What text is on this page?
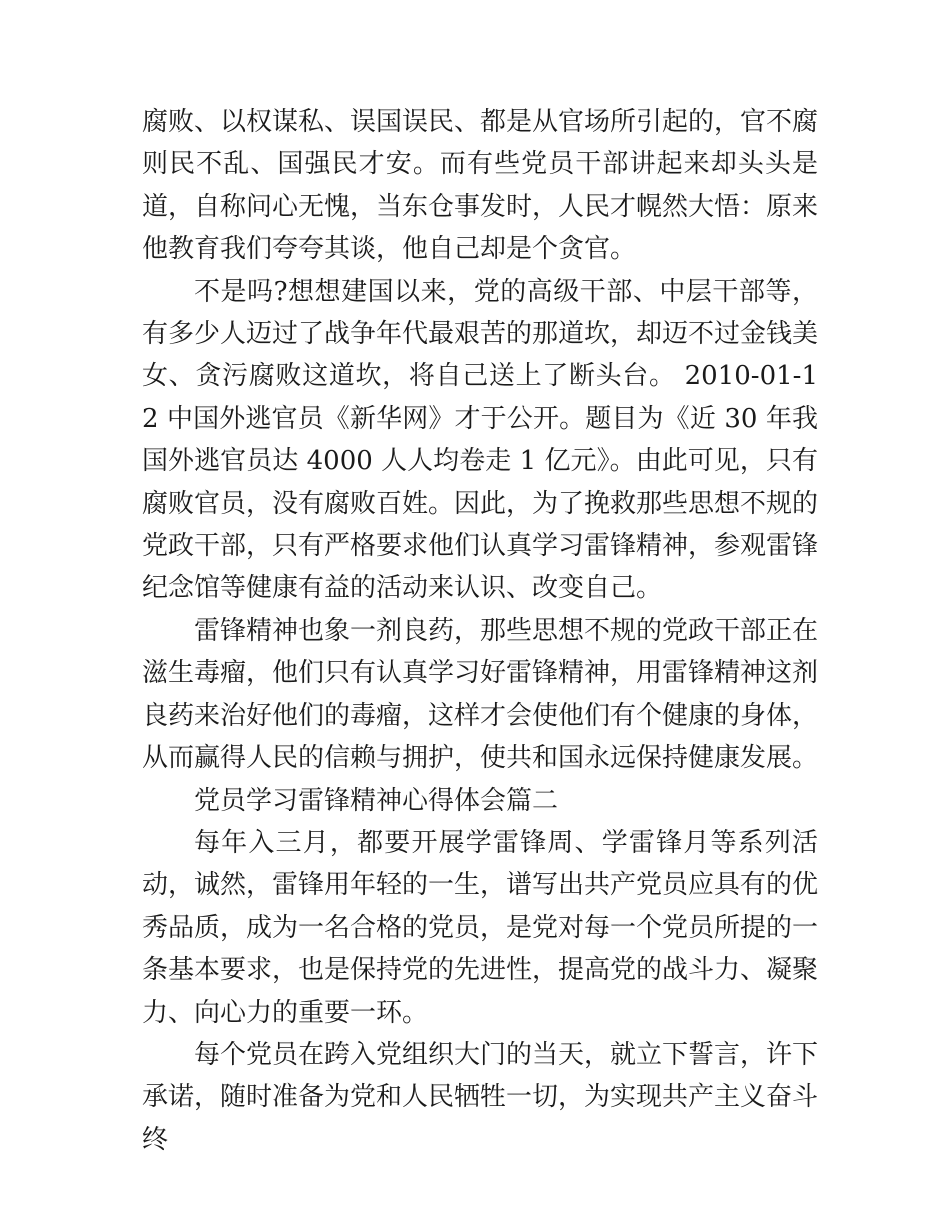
腐败、以权谋私、误国误民、都是从官场所引起的，官不腐则民不乱、国强民才安。而有些党员干部讲起来却头头是道，自称问心无愧，当东仓事发时，人民才幌然大悟：原来他教育我们夸夸其谈，他自己却是个贪官。

不是吗?想想建国以来，党的高级干部、中层干部等，有多少人迈过了战争年代最艰苦的那道坎，却迈不过金钱美女、贪污腐败这道坎，将自己送上了断头台。 2010-01-12 中国外逃官员《新华网》才于公开。题目为《近 30 年我国外逃官员达 4000 人人均卷走 1 亿元》。由此可见，只有腐败官员，没有腐败百姓。因此，为了挽救那些思想不规的党政干部，只有严格要求他们认真学习雷锋精神，参观雷锋纪念馆等健康有益的活动来认识、改变自己。

雷锋精神也象一剂良药，那些思想不规的党政干部正在滋生毒瘤，他们只有认真学习好雷锋精神，用雷锋精神这剂良药来治好他们的毒瘤，这样才会使他们有个健康的身体，从而赢得人民的信赖与拥护，使共和国永远保持健康发展。

党员学习雷锋精神心得体会篇二

每年入三月，都要开展学雷锋周、学雷锋月等系列活动，诚然，雷锋用年轻的一生，谱写出共产党员应具有的优秀品质，成为一名合格的党员，是党对每一个党员所提的一条基本要求，也是保持党的先进性，提高党的战斗力、凝聚力、向心力的重要一环。

每个党员在跨入党组织大门的当天，就立下誓言，许下承诺，随时准备为党和人民牺牲一切，为实现共产主义奋斗终
